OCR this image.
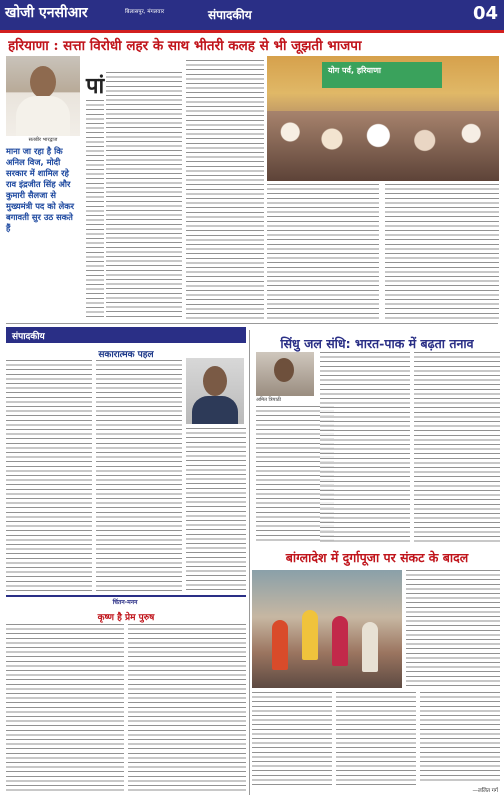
खोजी एनसीआर	बिलासपुर, मंगलवार	संपादकीय	04
हरियाणा : सत्ता विरोधी लहर के साथ भीतरी कलह से भी जूझती भाजपा
सतबीर भारद्वाज
माना जा रहा है कि अनिल विज, मोदी सरकार में शामिल रहे राव इंद्रजीत सिंह और कुमारी सैलजा से मुख्यमंत्री पद को लेकर बगावती सुर उठ सकते हैं
पां
योग पर्व, हरियाणा
संपादकीय
सकारात्मक पहल
सिंधु जल संधि: भारत-पाक में बढ़ता तनाव
अमित त्रिपाठी
चिंतन-मनन
कृष्ण है प्रेम पुरुष
बांग्लादेश में दुर्गापूजा पर संकट के बादल
—ललित गर्ग
